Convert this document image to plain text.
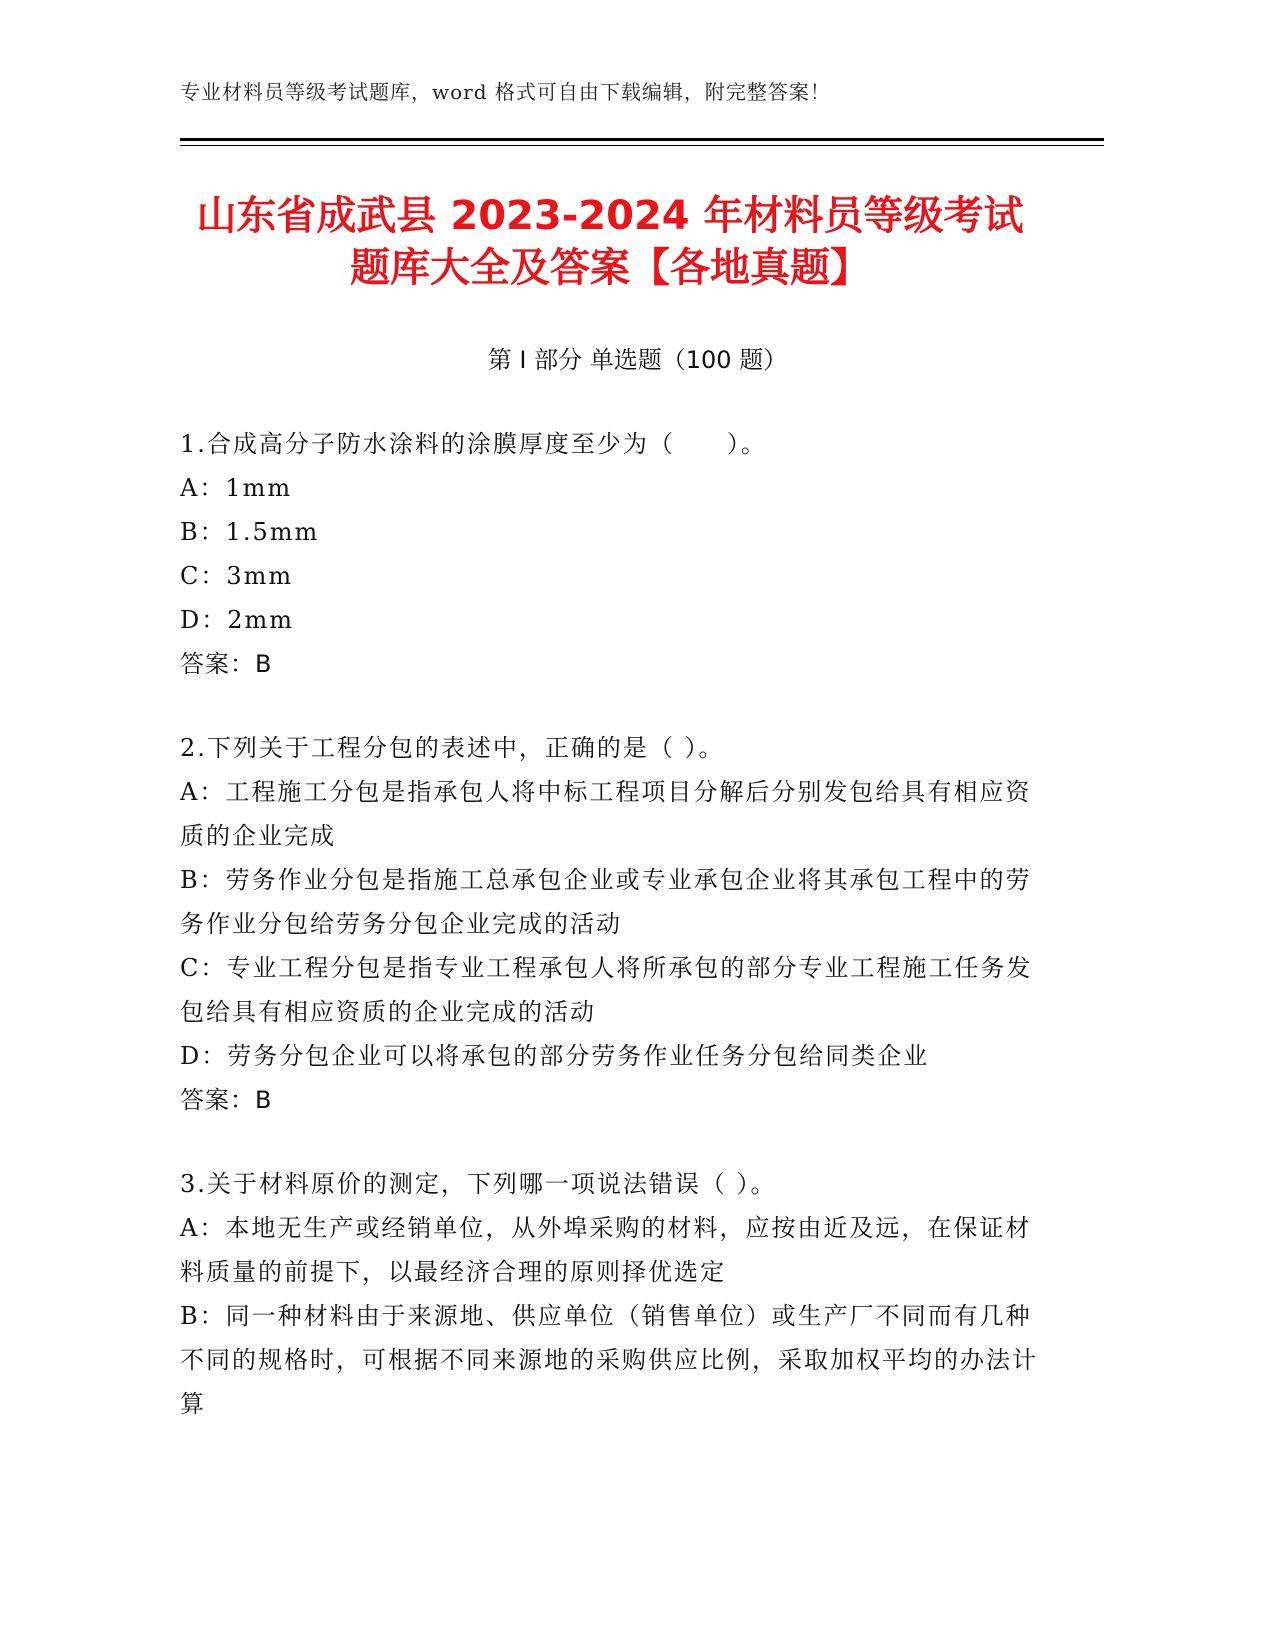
专业材料员等级考试题库，word 格式可自由下载编辑，附完整答案！
山东省成武县 2023-2024 年材料员等级考试
题库大全及答案【各地真题】
第 I 部分 单选题（100 题）
1.合成高分子防水涂料的涂膜厚度至少为（　　）。
A：1mm
B：1.5mm
C：3mm
D：2mm
答案：B
2.下列关于工程分包的表述中，正确的是（ ）。
A：工程施工分包是指承包人将中标工程项目分解后分别发包给具有相应资质的企业完成
B：劳务作业分包是指施工总承包企业或专业承包企业将其承包工程中的劳务作业分包给劳务分包企业完成的活动
C：专业工程分包是指专业工程承包人将所承包的部分专业工程施工任务发包给具有相应资质的企业完成的活动
D：劳务分包企业可以将承包的部分劳务作业任务分包给同类企业
答案：B
3.关于材料原价的测定，下列哪一项说法错误（ ）。
A：本地无生产或经销单位，从外埠采购的材料，应按由近及远，在保证材料质量的前提下，以最经济合理的原则择优选定
B：同一种材料由于来源地、供应单位（销售单位）或生产厂不同而有几种不同的规格时，可根据不同来源地的采购供应比例，采取加权平均的办法计算
